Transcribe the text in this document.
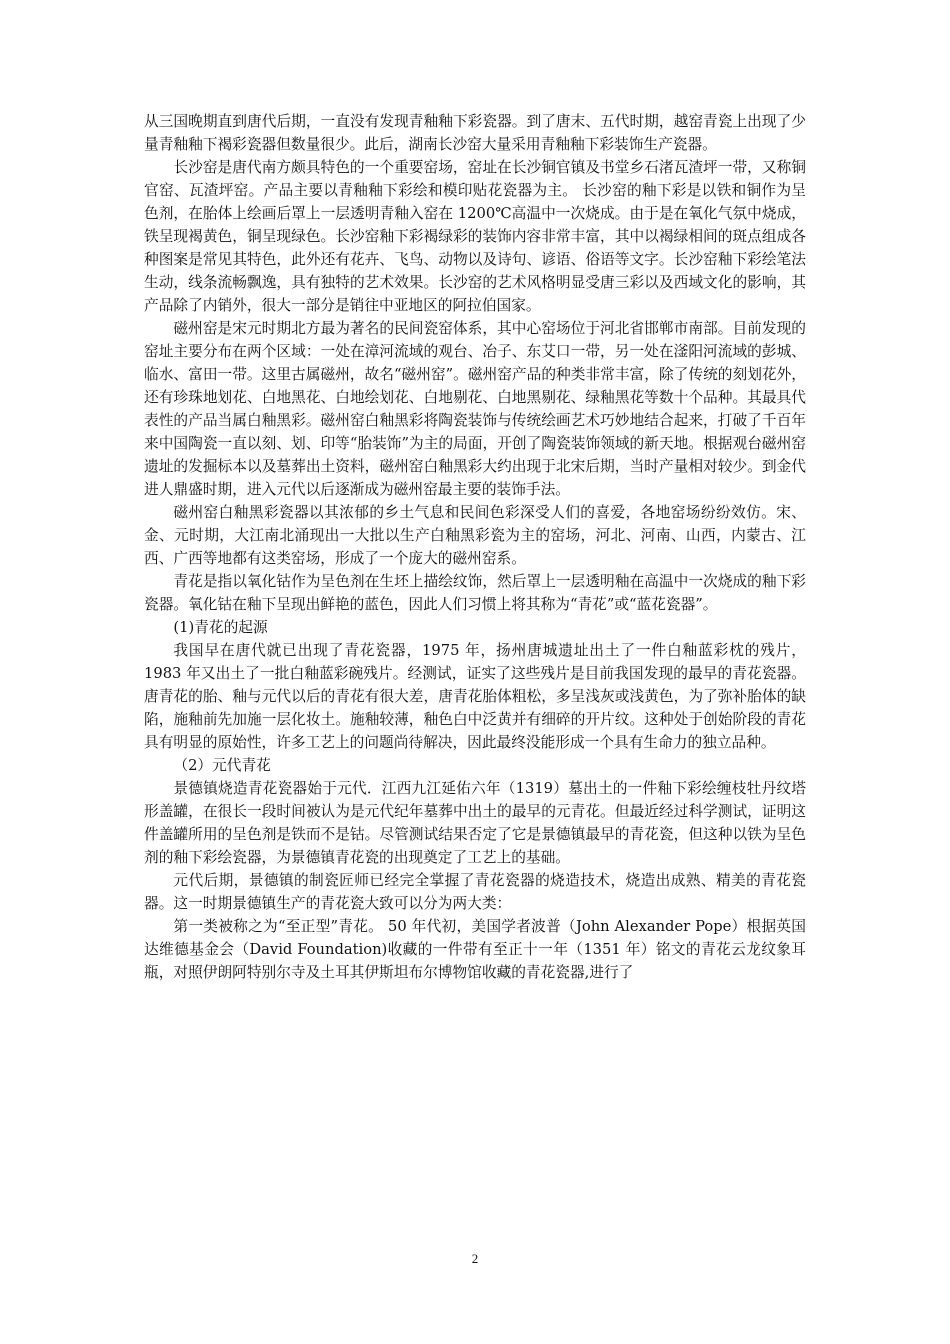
从三国晚期直到唐代后期，一直没有发现青釉釉下彩瓷器。到了唐末、五代时期，越窑青瓷上出现了少量青釉釉下褐彩瓷器但数量很少。此后，湖南长沙窑大量采用青釉釉下彩装饰生产瓷器。

长沙窑是唐代南方颇具特色的一个重要窑场，窑址在长沙铜官镇及书堂乡石渚瓦渣坪一带，又称铜官窑、瓦渣坪窑。产品主要以青釉釉下彩绘和模印贴花瓷器为主。 长沙窑的釉下彩是以铁和铜作为呈色剂，在胎体上绘画后罩上一层透明青釉入窑在 1200℃高温中一次烧成。由于是在氧化气氛中烧成，铁呈现褐黄色，铜呈现绿色。长沙窑釉下彩褐绿彩的装饰内容非常丰富，其中以褐绿相间的斑点组成各种图案是常见其特色，此外还有花卉、飞鸟、动物以及诗句、谚语、俗语等文字。长沙窑釉下彩绘笔法生动，线条流畅飘逸，具有独特的艺术效果。长沙窑的艺术风格明显受唐三彩以及西域文化的影响，其产品除了内销外，很大一部分是销往中亚地区的阿拉伯国家。

磁州窑是宋元时期北方最为著名的民间瓷窑体系，其中心窑场位于河北省邯郸市南部。目前发现的窑址主要分布在两个区域：一处在漳河流域的观台、冶子、东艾口一带，另一处在滏阳河流域的彭城、临水、富田一带。这里古属磁州，故名“磁州窑”。磁州窑产品的种类非常丰富，除了传统的刻划花外，还有珍珠地划花、白地黑花、白地绘划花、白地剔花、白地黑剔花、绿釉黑花等数十个品种。其最具代表性的产品当属白釉黑彩。磁州窑白釉黑彩将陶瓷装饰与传统绘画艺术巧妙地结合起来，打破了千百年来中国陶瓷一直以刻、划、印等“胎装饰”为主的局面，开创了陶瓷装饰领域的新天地。根据观台磁州窑遗址的发掘标本以及墓葬出土资料，磁州窑白釉黑彩大约出现于北宋后期，当时产量相对较少。到金代进人鼎盛时期，进入元代以后逐渐成为磁州窑最主要的装饰手法。

磁州窑白釉黑彩瓷器以其浓郁的乡土气息和民间色彩深受人们的喜爱，各地窑场纷纷效仿。宋、金、元时期，大江南北涌现出一大批以生产白釉黑彩瓷为主的窑场，河北、河南、山西，内蒙古、江西、广西等地都有这类窑场，形成了一个庞大的磁州窑系。

青花是指以氧化钴作为呈色剂在生坯上描绘纹饰，然后罩上一层透明釉在高温中一次烧成的釉下彩瓷器。氧化钴在釉下呈现出鲜艳的蓝色，因此人们习惯上将其称为“青花”或“蓝花瓷器”。

(1)青花的起源

我国早在唐代就已出现了青花瓷器，1975 年，扬州唐城遗址出土了一件白釉蓝彩枕的残片，1983 年又出土了一批白釉蓝彩碗残片。经测试，证实了这些残片是目前我国发现的最早的青花瓷器。唐青花的胎、釉与元代以后的青花有很大差，唐青花胎体粗松，多呈浅灰或浅黄色，为了弥补胎体的缺陷，施釉前先加施一层化妆土。施釉较薄，釉色白中泛黄并有细碎的开片纹。这种处于创始阶段的青花具有明显的原始性，许多工艺上的问题尚待解决，因此最终没能形成一个具有生命力的独立品种。

（2）元代青花

景德镇烧造青花瓷器始于元代．江西九江延佑六年（1319）墓出土的一件釉下彩绘缠枝牡丹纹塔形盖罐，在很长一段时间被认为是元代纪年墓葬中出土的最早的元青花。但最近经过科学测试，证明这件盖罐所用的呈色剂是铁而不是钴。尽管测试结果否定了它是景德镇最早的青花瓷，但这种以铁为呈色剂的釉下彩绘瓷器，为景德镇青花瓷的出现奠定了工艺上的基础。

元代后期，景德镇的制瓷匠师已经完全掌握了青花瓷器的烧造技术，烧造出成熟、精美的青花瓷器。这一时期景德镇生产的青花瓷大致可以分为两大类：

第一类被称之为“至正型”青花。 50 年代初，美国学者波普（John Alexander Pope）根据英国达维德基金会（David Foundation)收藏的一件带有至正十一年（1351 年）铭文的青花云龙纹象耳瓶，对照伊朗阿特别尔寺及土耳其伊斯坦布尔博物馆收藏的青花瓷器,进行了

2
